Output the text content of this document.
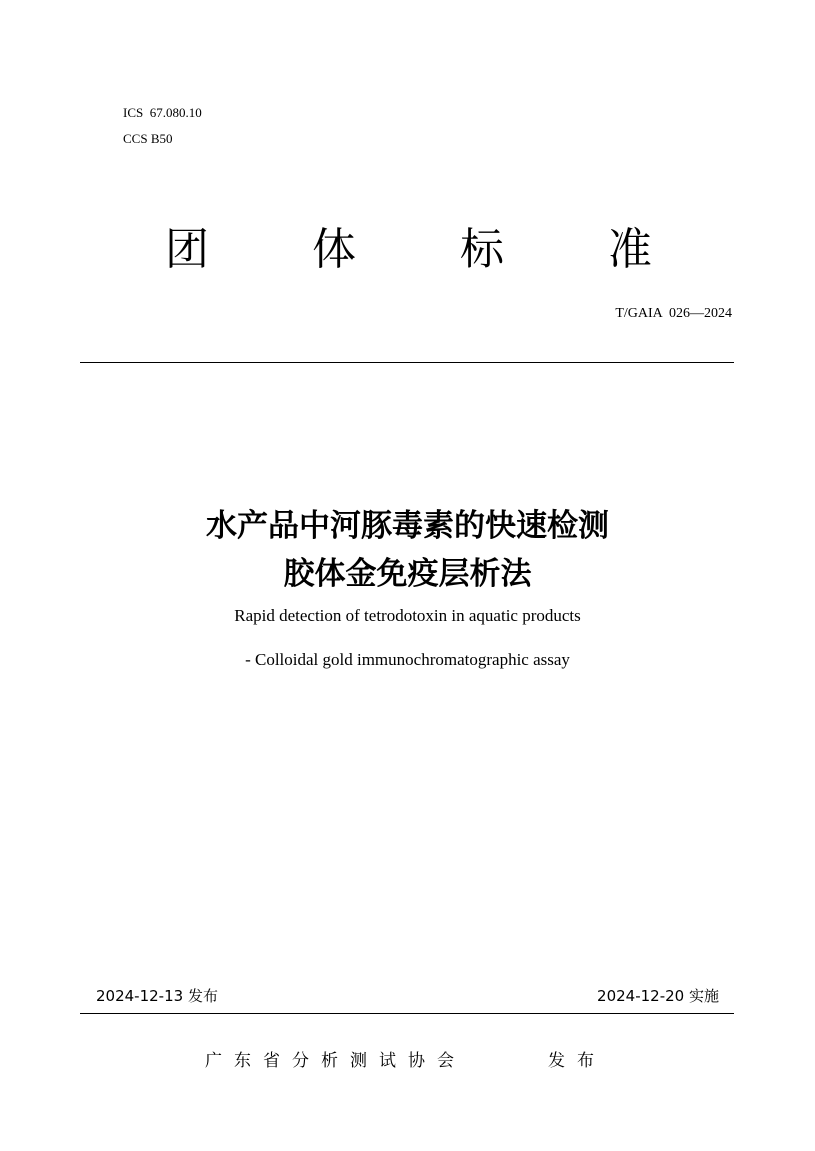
ICS  67.080.10
CCS B50
团 体 标 准
T/GAIA  026—2024
水产品中河豚毒素的快速检测
胶体金免疫层析法
Rapid detection of tetrodotoxin in aquatic products
- Colloidal gold immunochromatographic assay
2024-12-13 发布	2024-12-20 实施
广东省分析测试协会	发布
